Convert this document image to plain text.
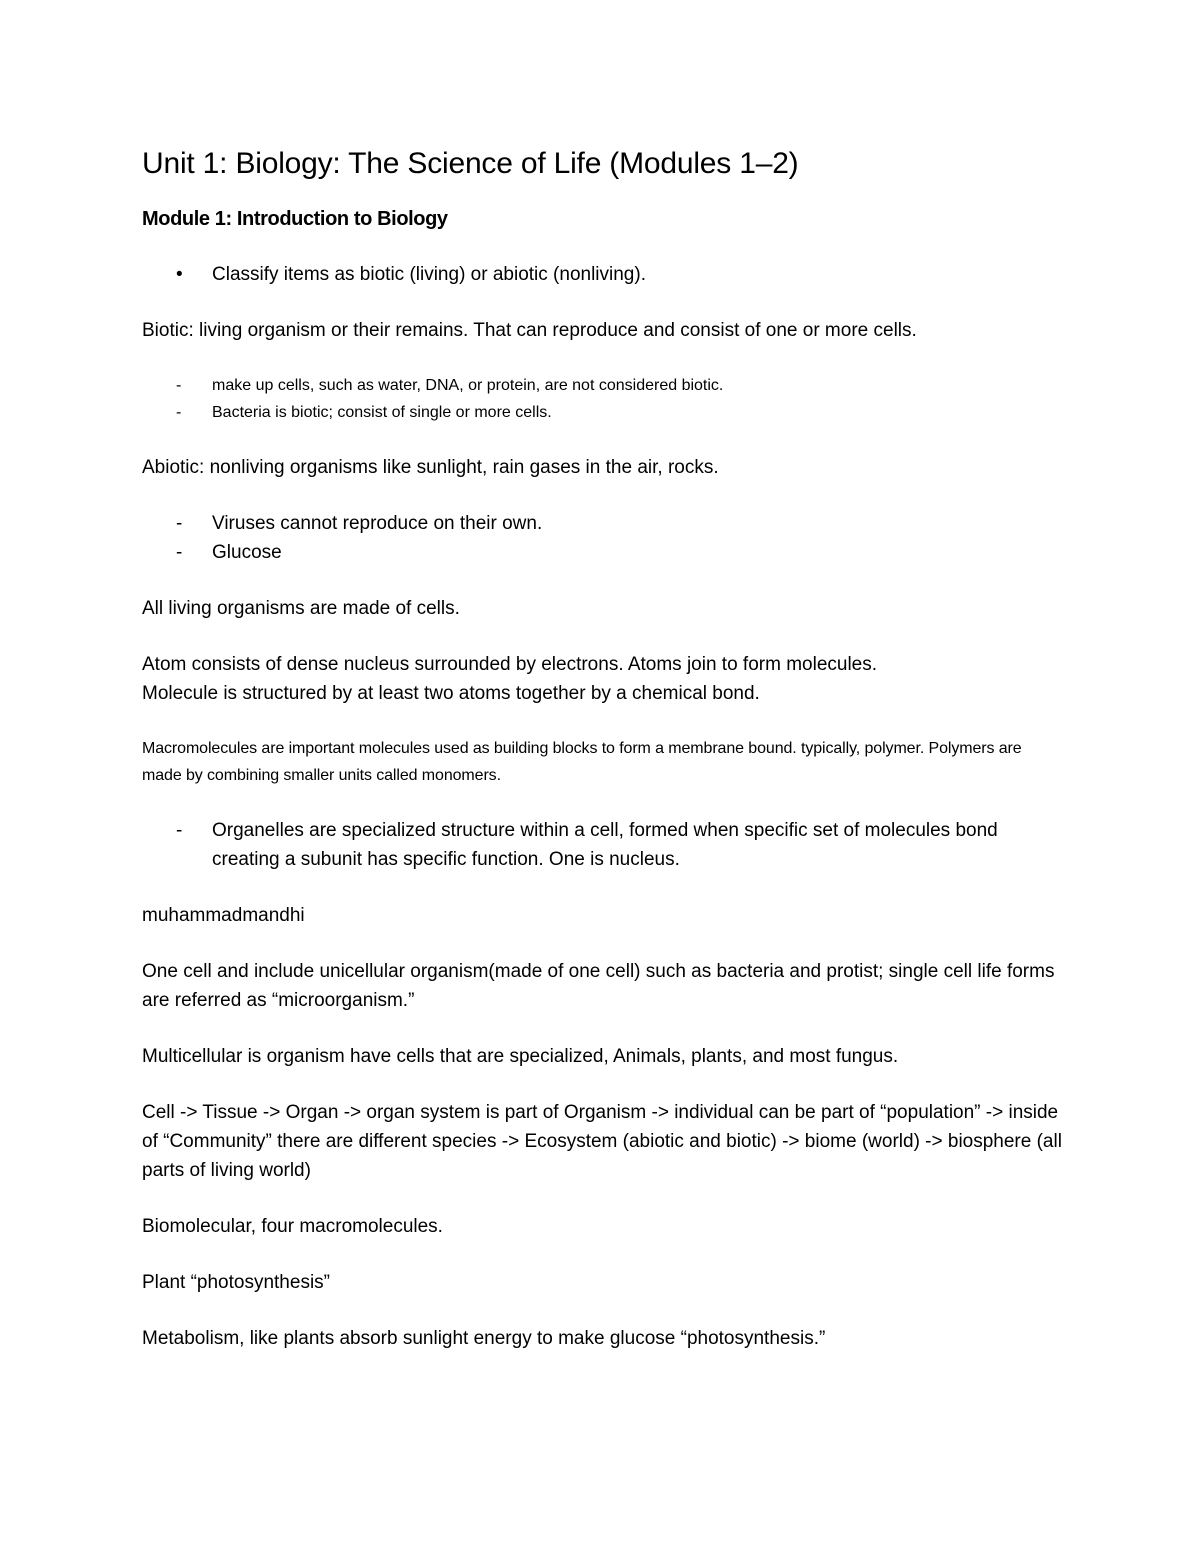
Unit 1: Biology: The Science of Life (Modules 1–2)
Module 1: Introduction to Biology
• Classify items as biotic (living) or abiotic (nonliving).

Biotic: living organism or their remains. That can reproduce and consist of one or more cells.

- make up cells, such as water, DNA, or protein, are not considered biotic.
- Bacteria is biotic; consist of single or more cells.

Abiotic: nonliving organisms like sunlight, rain gases in the air, rocks.

- Viruses cannot reproduce on their own.
- Glucose

All living organisms are made of cells.

Atom consists of dense nucleus surrounded by electrons. Atoms join to form molecules.

Molecule is structured by at least two atoms together by a chemical bond.

Macromolecules are important molecules used as building blocks to form a membrane bound. typically, polymer. Polymers are made by combining smaller units called monomers.

- Organelles are specialized structure within a cell, formed when specific set of molecules bond creating a subunit has specific function. One is nucleus.

muhammadmandhi

One cell and include unicellular organism(made of one cell) such as bacteria and protist; single cell life forms are referred as “microorganism.”

Multicellular is organism have cells that are specialized, Animals, plants, and most fungus.

Cell -> Tissue -> Organ -> organ system is part of Organism -> individual can be part of “population” -> inside of “Community” there are different species -> Ecosystem (abiotic and biotic) -> biome (world) -> biosphere (all parts of living world)

Biomolecular, four macromolecules.

Plant “photosynthesis”

Metabolism, like plants absorb sunlight energy to make glucose “photosynthesis.”
